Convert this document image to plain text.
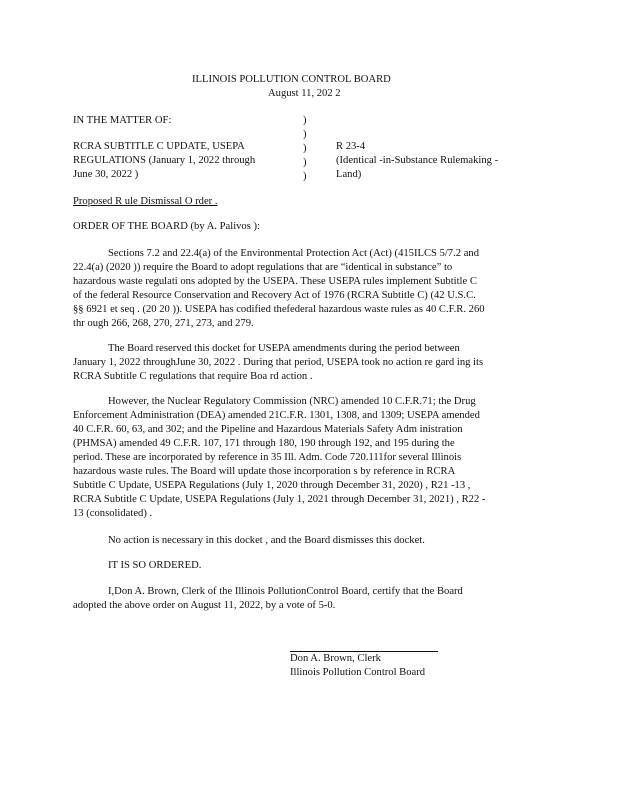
ILLINOIS POLLUTION CONTROL BOARD
August 11, 202 2
IN THE MATTER OF:
RCRA SUBTITLE C UPDATE, USEPA
REGULATIONS (January 1, 2022 through
June 30, 2022 )
)
)
)
)
)
R 23-4
(Identical -in-Substance Rulemaking -
Land)
Proposed R ule Dismissal O rder .
ORDER OF THE BOARD (by A. Palivos ):
Sections 7.2 and 22.4(a) of the Environmental Protection Act (Act) (415ILCS 5/7.2 and
22.4(a) (2020 )) require the Board to adopt regulations that are “identical in substance” to
hazardous waste regulati ons adopted by the USEPA. These USEPA rules implement Subtitle C
of the federal Resource Conservation and Recovery Act of 1976 (RCRA Subtitle C) (42 U.S.C.
§§ 6921 et seq . (20 20 )). USEPA has codified thefederal hazardous waste rules as 40 C.F.R. 260
thr ough 266, 268, 270, 271, 273, and 279.
The Board reserved this docket for USEPA amendments during the period between
January 1, 2022 throughJune 30, 2022 . During that period, USEPA took no action re gard ing its
RCRA Subtitle C regulations that require Boa rd action .
However, the Nuclear Regulatory Commission (NRC) amended 10 C.F.R.71; the Drug
Enforcement Administration (DEA) amended 21C.F.R. 1301, 1308, and 1309; USEPA amended
40 C.F.R. 60, 63, and 302; and the Pipeline and Hazardous Materials Safety Adm inistration
(PHMSA) amended 49 C.F.R. 107, 171 through 180, 190 through 192, and 195 during the
period. These are incorporated by reference in 35 Ill. Adm. Code 720.111for several Illinois
hazardous waste rules. The Board will update those incorporation s by reference in RCRA
Subtitle C Update, USEPA Regulations (July 1, 2020 through December 31, 2020) , R21 -13 ,
RCRA Subtitle C Update, USEPA Regulations (July 1, 2021 through December 31, 2021) , R22 -
13 (consolidated) .
No action is necessary in this docket , and the Board dismisses this docket.
IT IS SO ORDERED.
I,Don A. Brown, Clerk of the Illinois PollutionControl Board, certify that the Board
adopted the above order on August 11, 2022, by a vote of 5-0.
Don A. Brown, Clerk
Illinois Pollution Control Board
